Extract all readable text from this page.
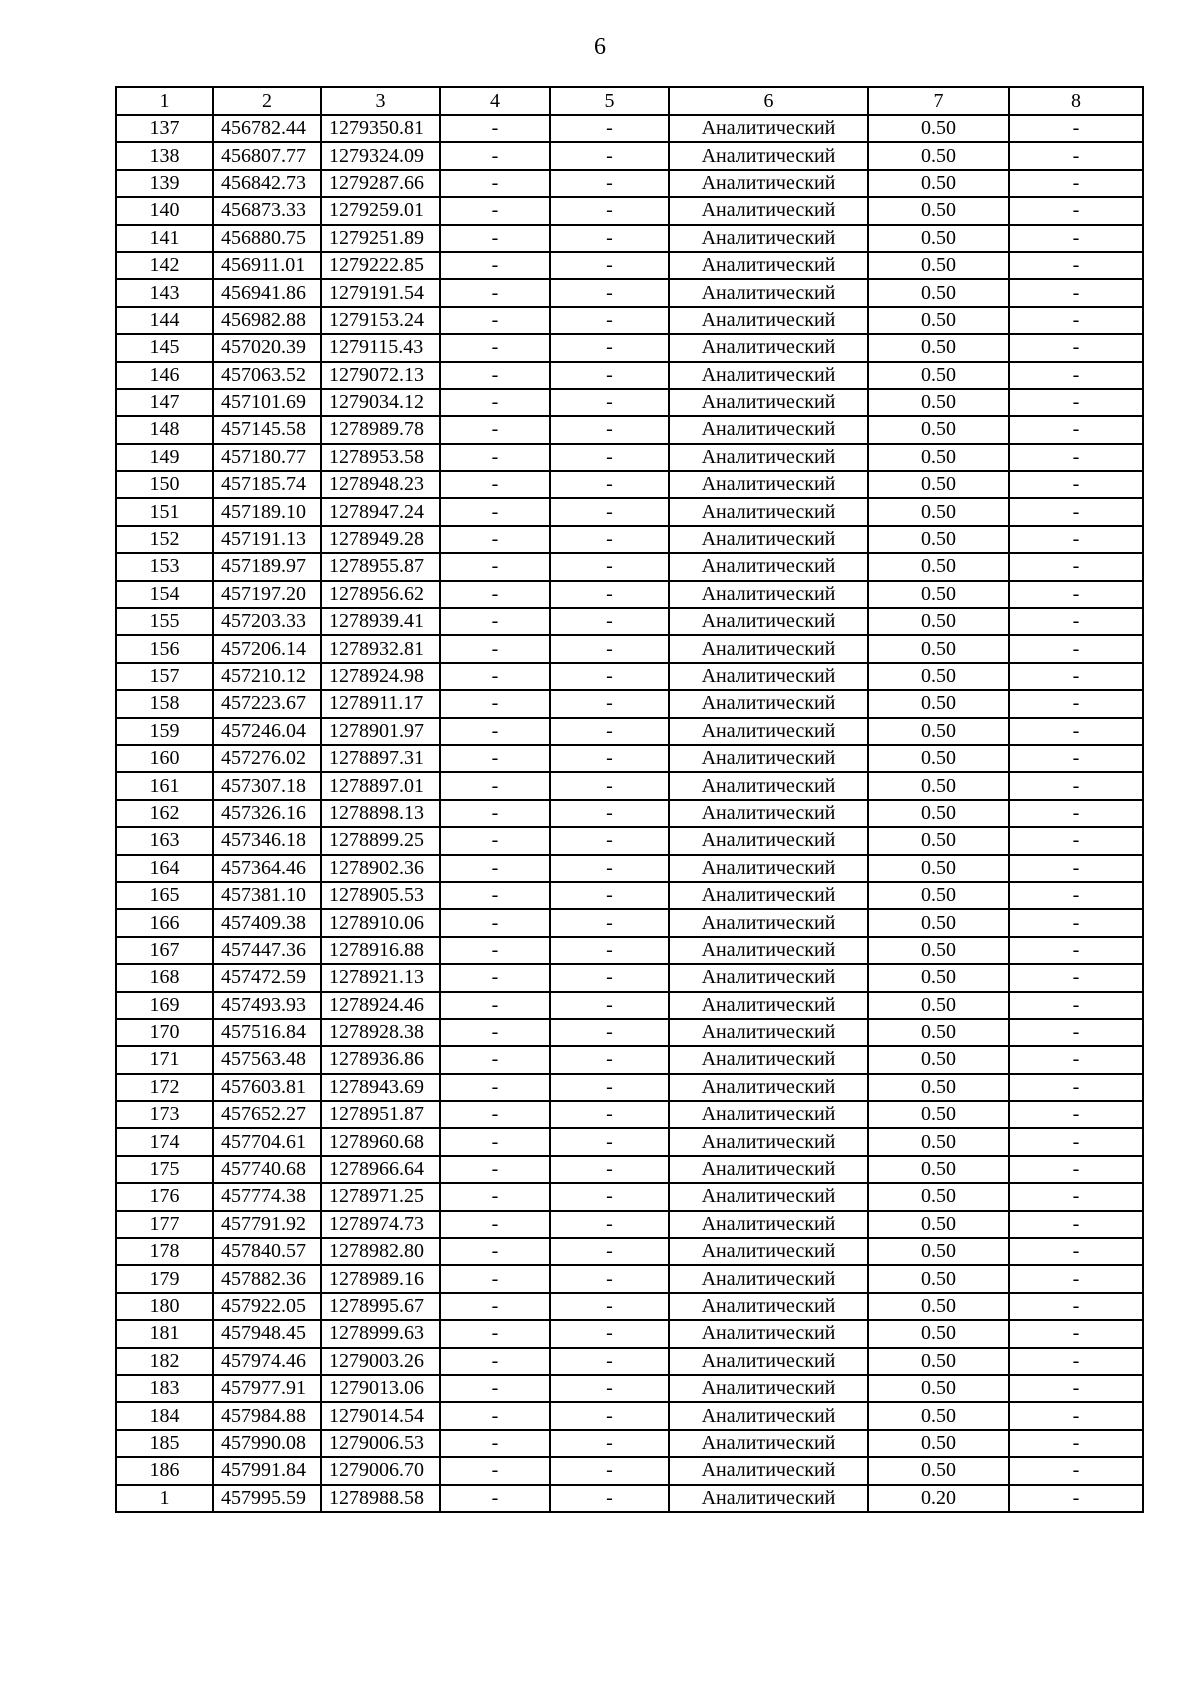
6
1	2	3	4	5	6	7	8
137	456782.44	1279350.81	-	-	Аналитический	0.50	-
138	456807.77	1279324.09	-	-	Аналитический	0.50	-
139	456842.73	1279287.66	-	-	Аналитический	0.50	-
140	456873.33	1279259.01	-	-	Аналитический	0.50	-
141	456880.75	1279251.89	-	-	Аналитический	0.50	-
142	456911.01	1279222.85	-	-	Аналитический	0.50	-
143	456941.86	1279191.54	-	-	Аналитический	0.50	-
144	456982.88	1279153.24	-	-	Аналитический	0.50	-
145	457020.39	1279115.43	-	-	Аналитический	0.50	-
146	457063.52	1279072.13	-	-	Аналитический	0.50	-
147	457101.69	1279034.12	-	-	Аналитический	0.50	-
148	457145.58	1278989.78	-	-	Аналитический	0.50	-
149	457180.77	1278953.58	-	-	Аналитический	0.50	-
150	457185.74	1278948.23	-	-	Аналитический	0.50	-
151	457189.10	1278947.24	-	-	Аналитический	0.50	-
152	457191.13	1278949.28	-	-	Аналитический	0.50	-
153	457189.97	1278955.87	-	-	Аналитический	0.50	-
154	457197.20	1278956.62	-	-	Аналитический	0.50	-
155	457203.33	1278939.41	-	-	Аналитический	0.50	-
156	457206.14	1278932.81	-	-	Аналитический	0.50	-
157	457210.12	1278924.98	-	-	Аналитический	0.50	-
158	457223.67	1278911.17	-	-	Аналитический	0.50	-
159	457246.04	1278901.97	-	-	Аналитический	0.50	-
160	457276.02	1278897.31	-	-	Аналитический	0.50	-
161	457307.18	1278897.01	-	-	Аналитический	0.50	-
162	457326.16	1278898.13	-	-	Аналитический	0.50	-
163	457346.18	1278899.25	-	-	Аналитический	0.50	-
164	457364.46	1278902.36	-	-	Аналитический	0.50	-
165	457381.10	1278905.53	-	-	Аналитический	0.50	-
166	457409.38	1278910.06	-	-	Аналитический	0.50	-
167	457447.36	1278916.88	-	-	Аналитический	0.50	-
168	457472.59	1278921.13	-	-	Аналитический	0.50	-
169	457493.93	1278924.46	-	-	Аналитический	0.50	-
170	457516.84	1278928.38	-	-	Аналитический	0.50	-
171	457563.48	1278936.86	-	-	Аналитический	0.50	-
172	457603.81	1278943.69	-	-	Аналитический	0.50	-
173	457652.27	1278951.87	-	-	Аналитический	0.50	-
174	457704.61	1278960.68	-	-	Аналитический	0.50	-
175	457740.68	1278966.64	-	-	Аналитический	0.50	-
176	457774.38	1278971.25	-	-	Аналитический	0.50	-
177	457791.92	1278974.73	-	-	Аналитический	0.50	-
178	457840.57	1278982.80	-	-	Аналитический	0.50	-
179	457882.36	1278989.16	-	-	Аналитический	0.50	-
180	457922.05	1278995.67	-	-	Аналитический	0.50	-
181	457948.45	1278999.63	-	-	Аналитический	0.50	-
182	457974.46	1279003.26	-	-	Аналитический	0.50	-
183	457977.91	1279013.06	-	-	Аналитический	0.50	-
184	457984.88	1279014.54	-	-	Аналитический	0.50	-
185	457990.08	1279006.53	-	-	Аналитический	0.50	-
186	457991.84	1279006.70	-	-	Аналитический	0.50	-
1	457995.59	1278988.58	-	-	Аналитический	0.20	-
